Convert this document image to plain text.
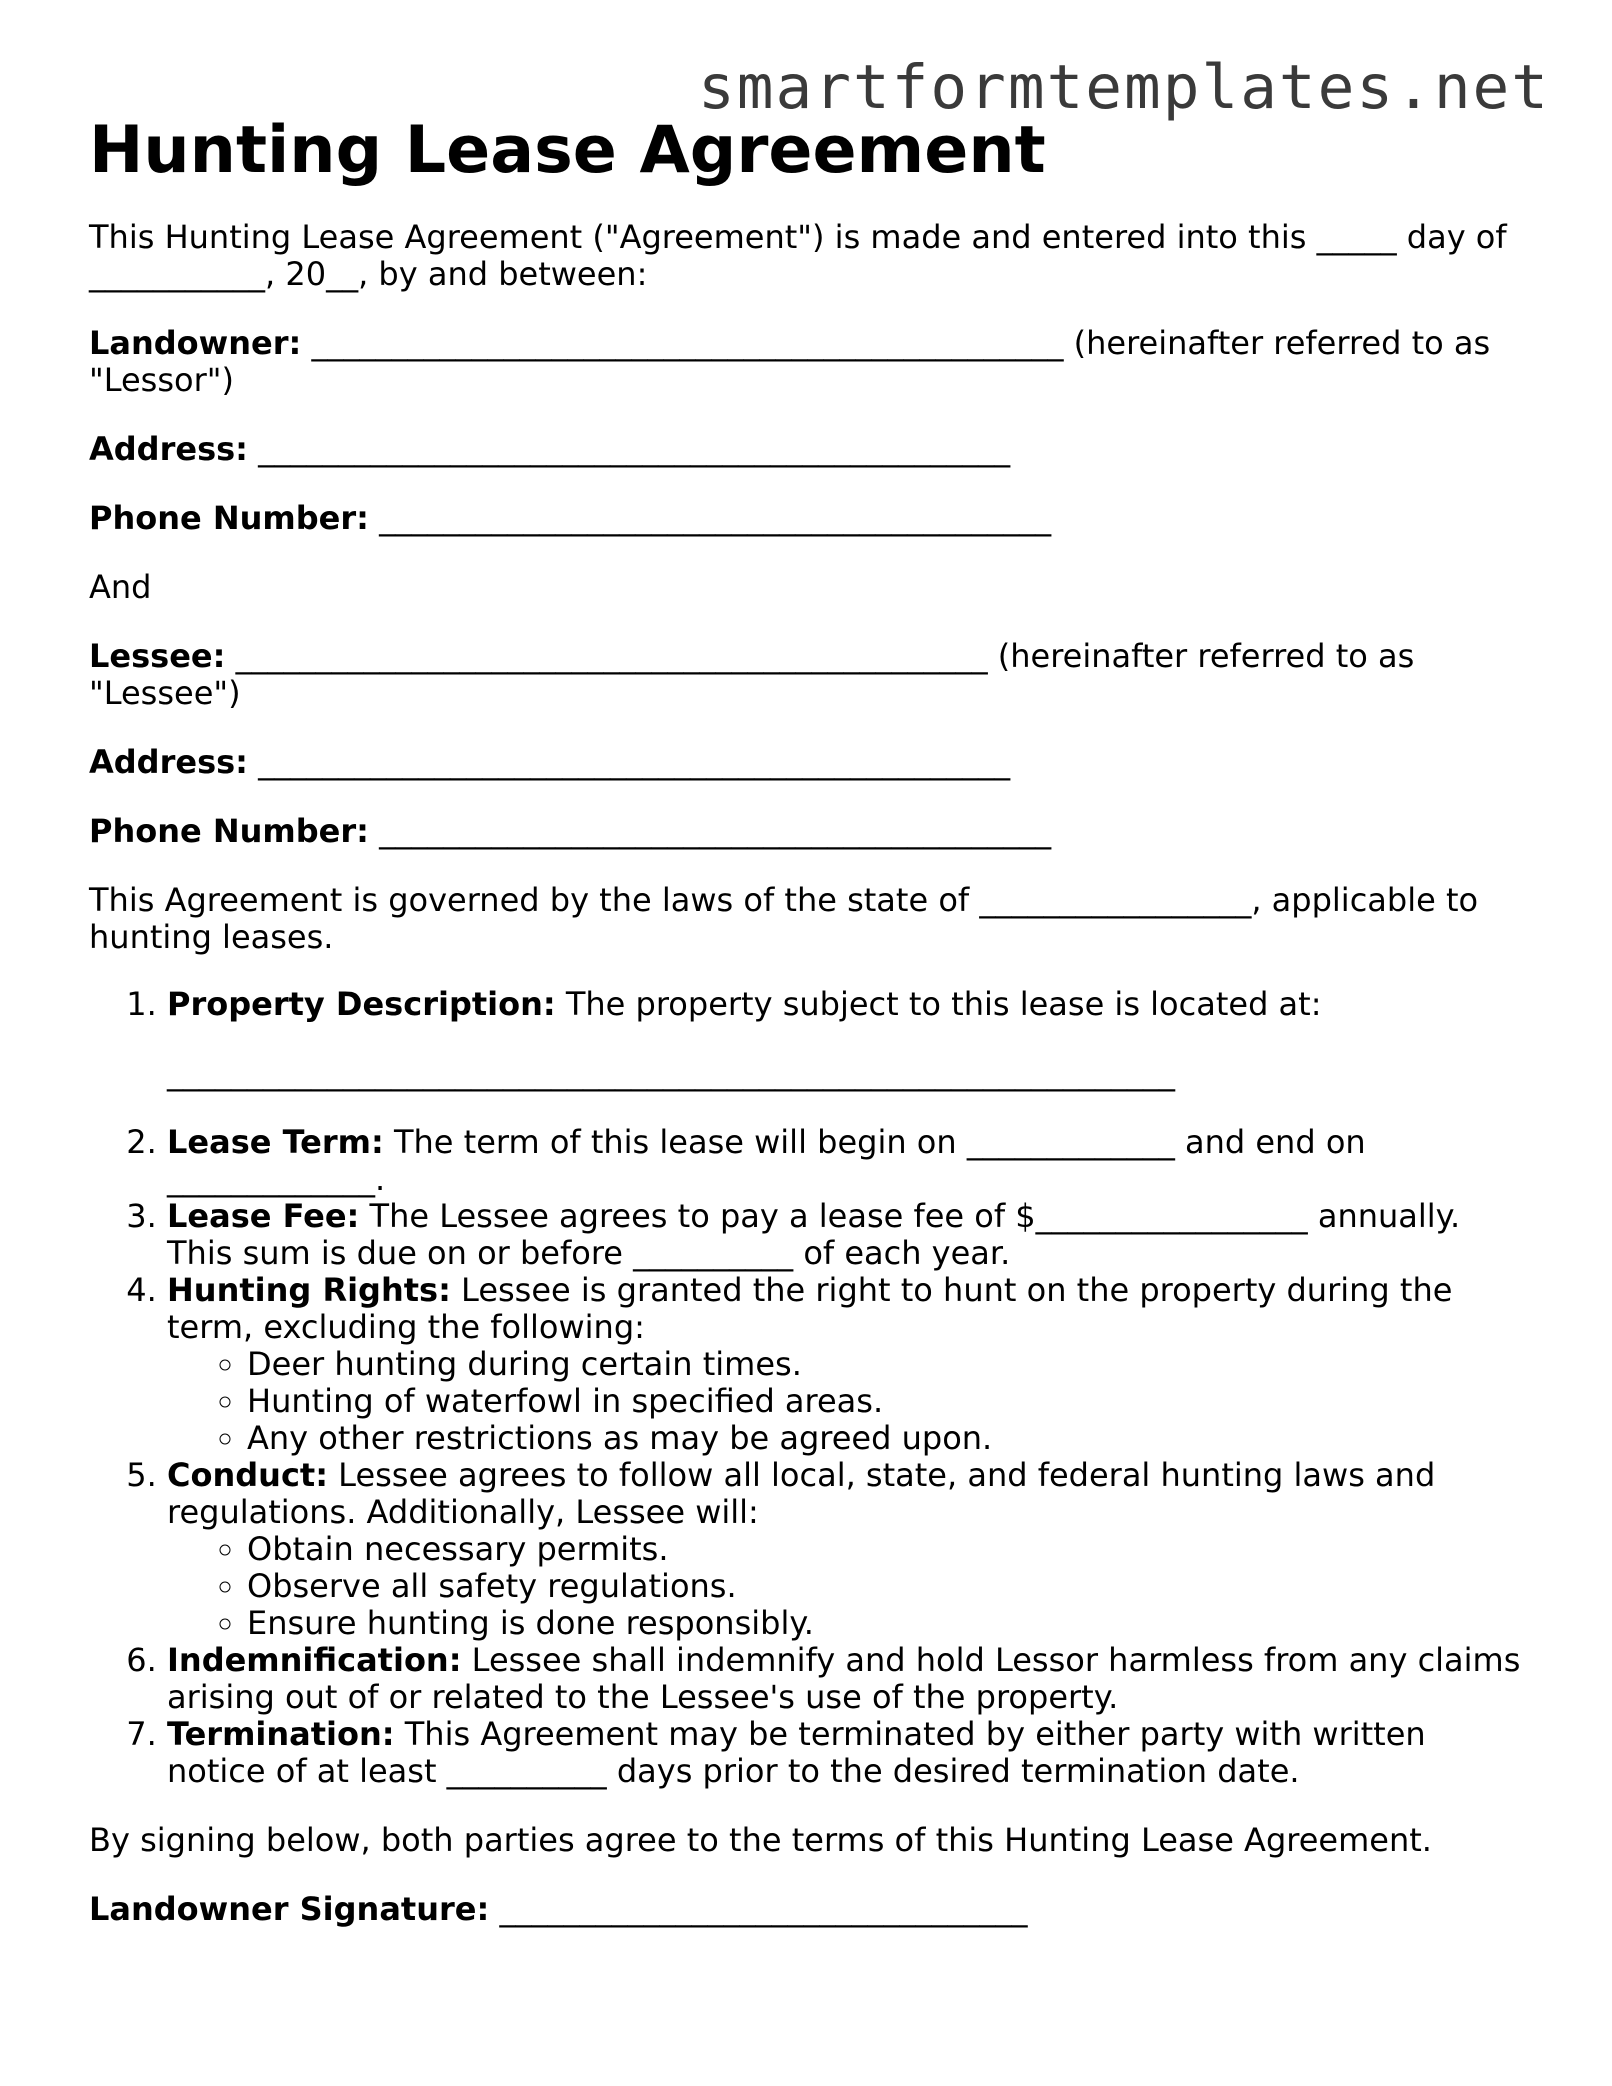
smartformtemplates.net
Hunting Lease Agreement

This Hunting Lease Agreement ("Agreement") is made and entered into this _____ day of ___________, 20__, by and between:

Landowner: _______________________________________________ (hereinafter referred to as "Lessor")

Address: _______________________________________________

Phone Number: __________________________________________

And

Lessee: _______________________________________________ (hereinafter referred to as "Lessee")

Address: _______________________________________________

Phone Number: __________________________________________

This Agreement is governed by the laws of the state of _________________, applicable to hunting leases.

1. Property Description: The property subject to this lease is located at:
_______________________________________________________________
2. Lease Term: The term of this lease will begin on _____________ and end on _____________.
3. Lease Fee: The Lessee agrees to pay a lease fee of $_________________ annually. This sum is due on or before __________ of each year.
4. Hunting Rights: Lessee is granted the right to hunt on the property during the term, excluding the following:
◦ Deer hunting during certain times.
◦ Hunting of waterfowl in specified areas.
◦ Any other restrictions as may be agreed upon.
5. Conduct: Lessee agrees to follow all local, state, and federal hunting laws and regulations. Additionally, Lessee will:
◦ Obtain necessary permits.
◦ Observe all safety regulations.
◦ Ensure hunting is done responsibly.
6. Indemnification: Lessee shall indemnify and hold Lessor harmless from any claims arising out of or related to the Lessee's use of the property.
7. Termination: This Agreement may be terminated by either party with written notice of at least __________ days prior to the desired termination date.

By signing below, both parties agree to the terms of this Hunting Lease Agreement.

Landowner Signature: _________________________________
